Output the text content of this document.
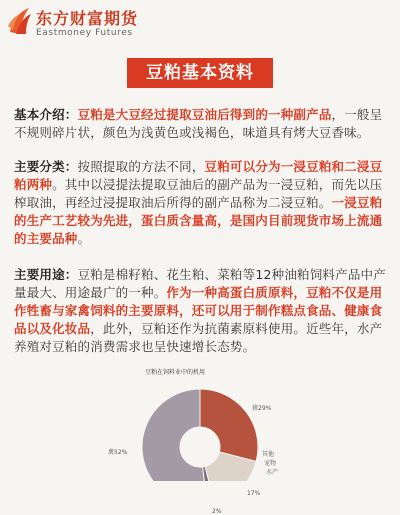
东方财富期货
Eastmoney Futures
豆粕基本资料
基本介绍：豆粕是大豆经过提取豆油后得到的一种副产品，一般呈不规则碎片状，颜色为浅黄色或浅褐色，味道具有烤大豆香味。
主要分类：按照提取的方法不同，豆粕可以分为一浸豆粕和二浸豆粕两种。其中以浸提法提取豆油后的副产品为一浸豆粕，而先以压榨取油，再经过浸提取油后所得的副产品称为二浸豆粕。一浸豆粕的生产工艺较为先进，蛋白质含量高，是国内目前现货市场上流通的主要品种。
主要用途：豆粕是棉籽粕、花生粕、菜粕等12种油粕饲料产品中产量最大、用途最广的一种。作为一种高蛋白质原料，豆粕不仅是用作牲畜与家禽饲料的主要原料，还可以用于制作糕点食品、健康食品以及化妆品，此外，豆粕还作为抗菌素原料使用。近些年，水产养殖对豆粕的消费需求也呈快速增长态势。
豆粕在饲料业中的机用
猪29%
17%
2%
禽52%	其他
宠物
水产
